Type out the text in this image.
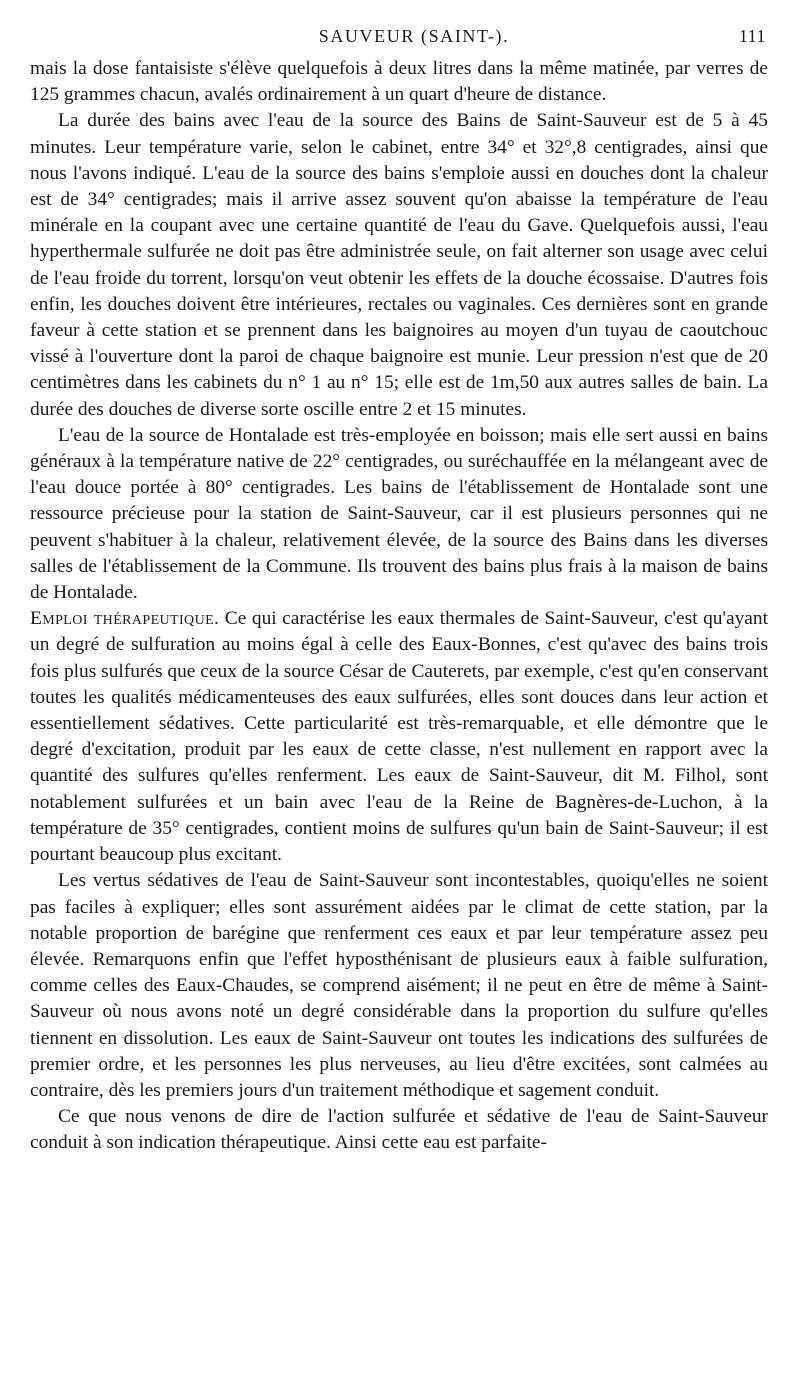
SAUVEUR (SAINT-).	111

mais la dose fantaisiste s'élève quelquefois à deux litres dans la même matinée, par verres de 125 grammes chacun, avalés ordinairement à un quart d'heure de distance.

La durée des bains avec l'eau de la source des Bains de Saint-Sauveur est de 5 à 45 minutes. Leur température varie, selon le cabinet, entre 34° et 32°,8 centigrades, ainsi que nous l'avons indiqué. L'eau de la source des bains s'emploie aussi en douches dont la chaleur est de 34° centigrades; mais il arrive assez souvent qu'on abaisse la température de l'eau minérale en la coupant avec une certaine quantité de l'eau du Gave. Quelquefois aussi, l'eau hyperthermale sulfurée ne doit pas être administrée seule, on fait alterner son usage avec celui de l'eau froide du torrent, lorsqu'on veut obtenir les effets de la douche écossaise. D'autres fois enfin, les douches doivent être intérieures, rectales ou vaginales. Ces dernières sont en grande faveur à cette station et se prennent dans les baignoires au moyen d'un tuyau de caoutchouc vissé à l'ouverture dont la paroi de chaque baignoire est munie. Leur pression n'est que de 20 centimètres dans les cabinets du n° 1 au n° 15; elle est de 1m,50 aux autres salles de bain. La durée des douches de diverse sorte oscille entre 2 et 15 minutes.

L'eau de la source de Hontalade est très-employée en boisson; mais elle sert aussi en bains généraux à la température native de 22° centigrades, ou suréchauffée en la mélangeant avec de l'eau douce portée à 80° centigrades. Les bains de l'établissement de Hontalade sont une ressource précieuse pour la station de Saint-Sauveur, car il est plusieurs personnes qui ne peuvent s'habituer à la chaleur, relativement élevée, de la source des Bains dans les diverses salles de l'établissement de la Commune. Ils trouvent des bains plus frais à la maison de bains de Hontalade.

Emploi thérapeutique. Ce qui caractérise les eaux thermales de Saint-Sauveur, c'est qu'ayant un degré de sulfuration au moins égal à celle des Eaux-Bonnes, c'est qu'avec des bains trois fois plus sulfurés que ceux de la source César de Cauterets, par exemple, c'est qu'en conservant toutes les qualités médicamenteuses des eaux sulfurées, elles sont douces dans leur action et essentiellement sédatives. Cette particularité est très-remarquable, et elle démontre que le degré d'excitation, produit par les eaux de cette classe, n'est nullement en rapport avec la quantité des sulfures qu'elles renferment. Les eaux de Saint-Sauveur, dit M. Filhol, sont notablement sulfurées et un bain avec l'eau de la Reine de Bagnères-de-Luchon, à la température de 35° centigrades, contient moins de sulfures qu'un bain de Saint-Sauveur; il est pourtant beaucoup plus excitant.

Les vertus sédatives de l'eau de Saint-Sauveur sont incontestables, quoiqu'elles ne soient pas faciles à expliquer; elles sont assurément aidées par le climat de cette station, par la notable proportion de barégine que renferment ces eaux et par leur température assez peu élevée. Remarquons enfin que l'effet hyposthénisant de plusieurs eaux à faible sulfuration, comme celles des Eaux-Chaudes, se comprend aisément; il ne peut en être de même à Saint-Sauveur où nous avons noté un degré considérable dans la proportion du sulfure qu'elles tiennent en dissolution. Les eaux de Saint-Sauveur ont toutes les indications des sulfurées de premier ordre, et les personnes les plus nerveuses, au lieu d'être excitées, sont calmées au contraire, dès les premiers jours d'un traitement méthodique et sagement conduit.

Ce que nous venons de dire de l'action sulfurée et sédative de l'eau de Saint-Sauveur conduit à son indication thérapeutique. Ainsi cette eau est parfaite-
